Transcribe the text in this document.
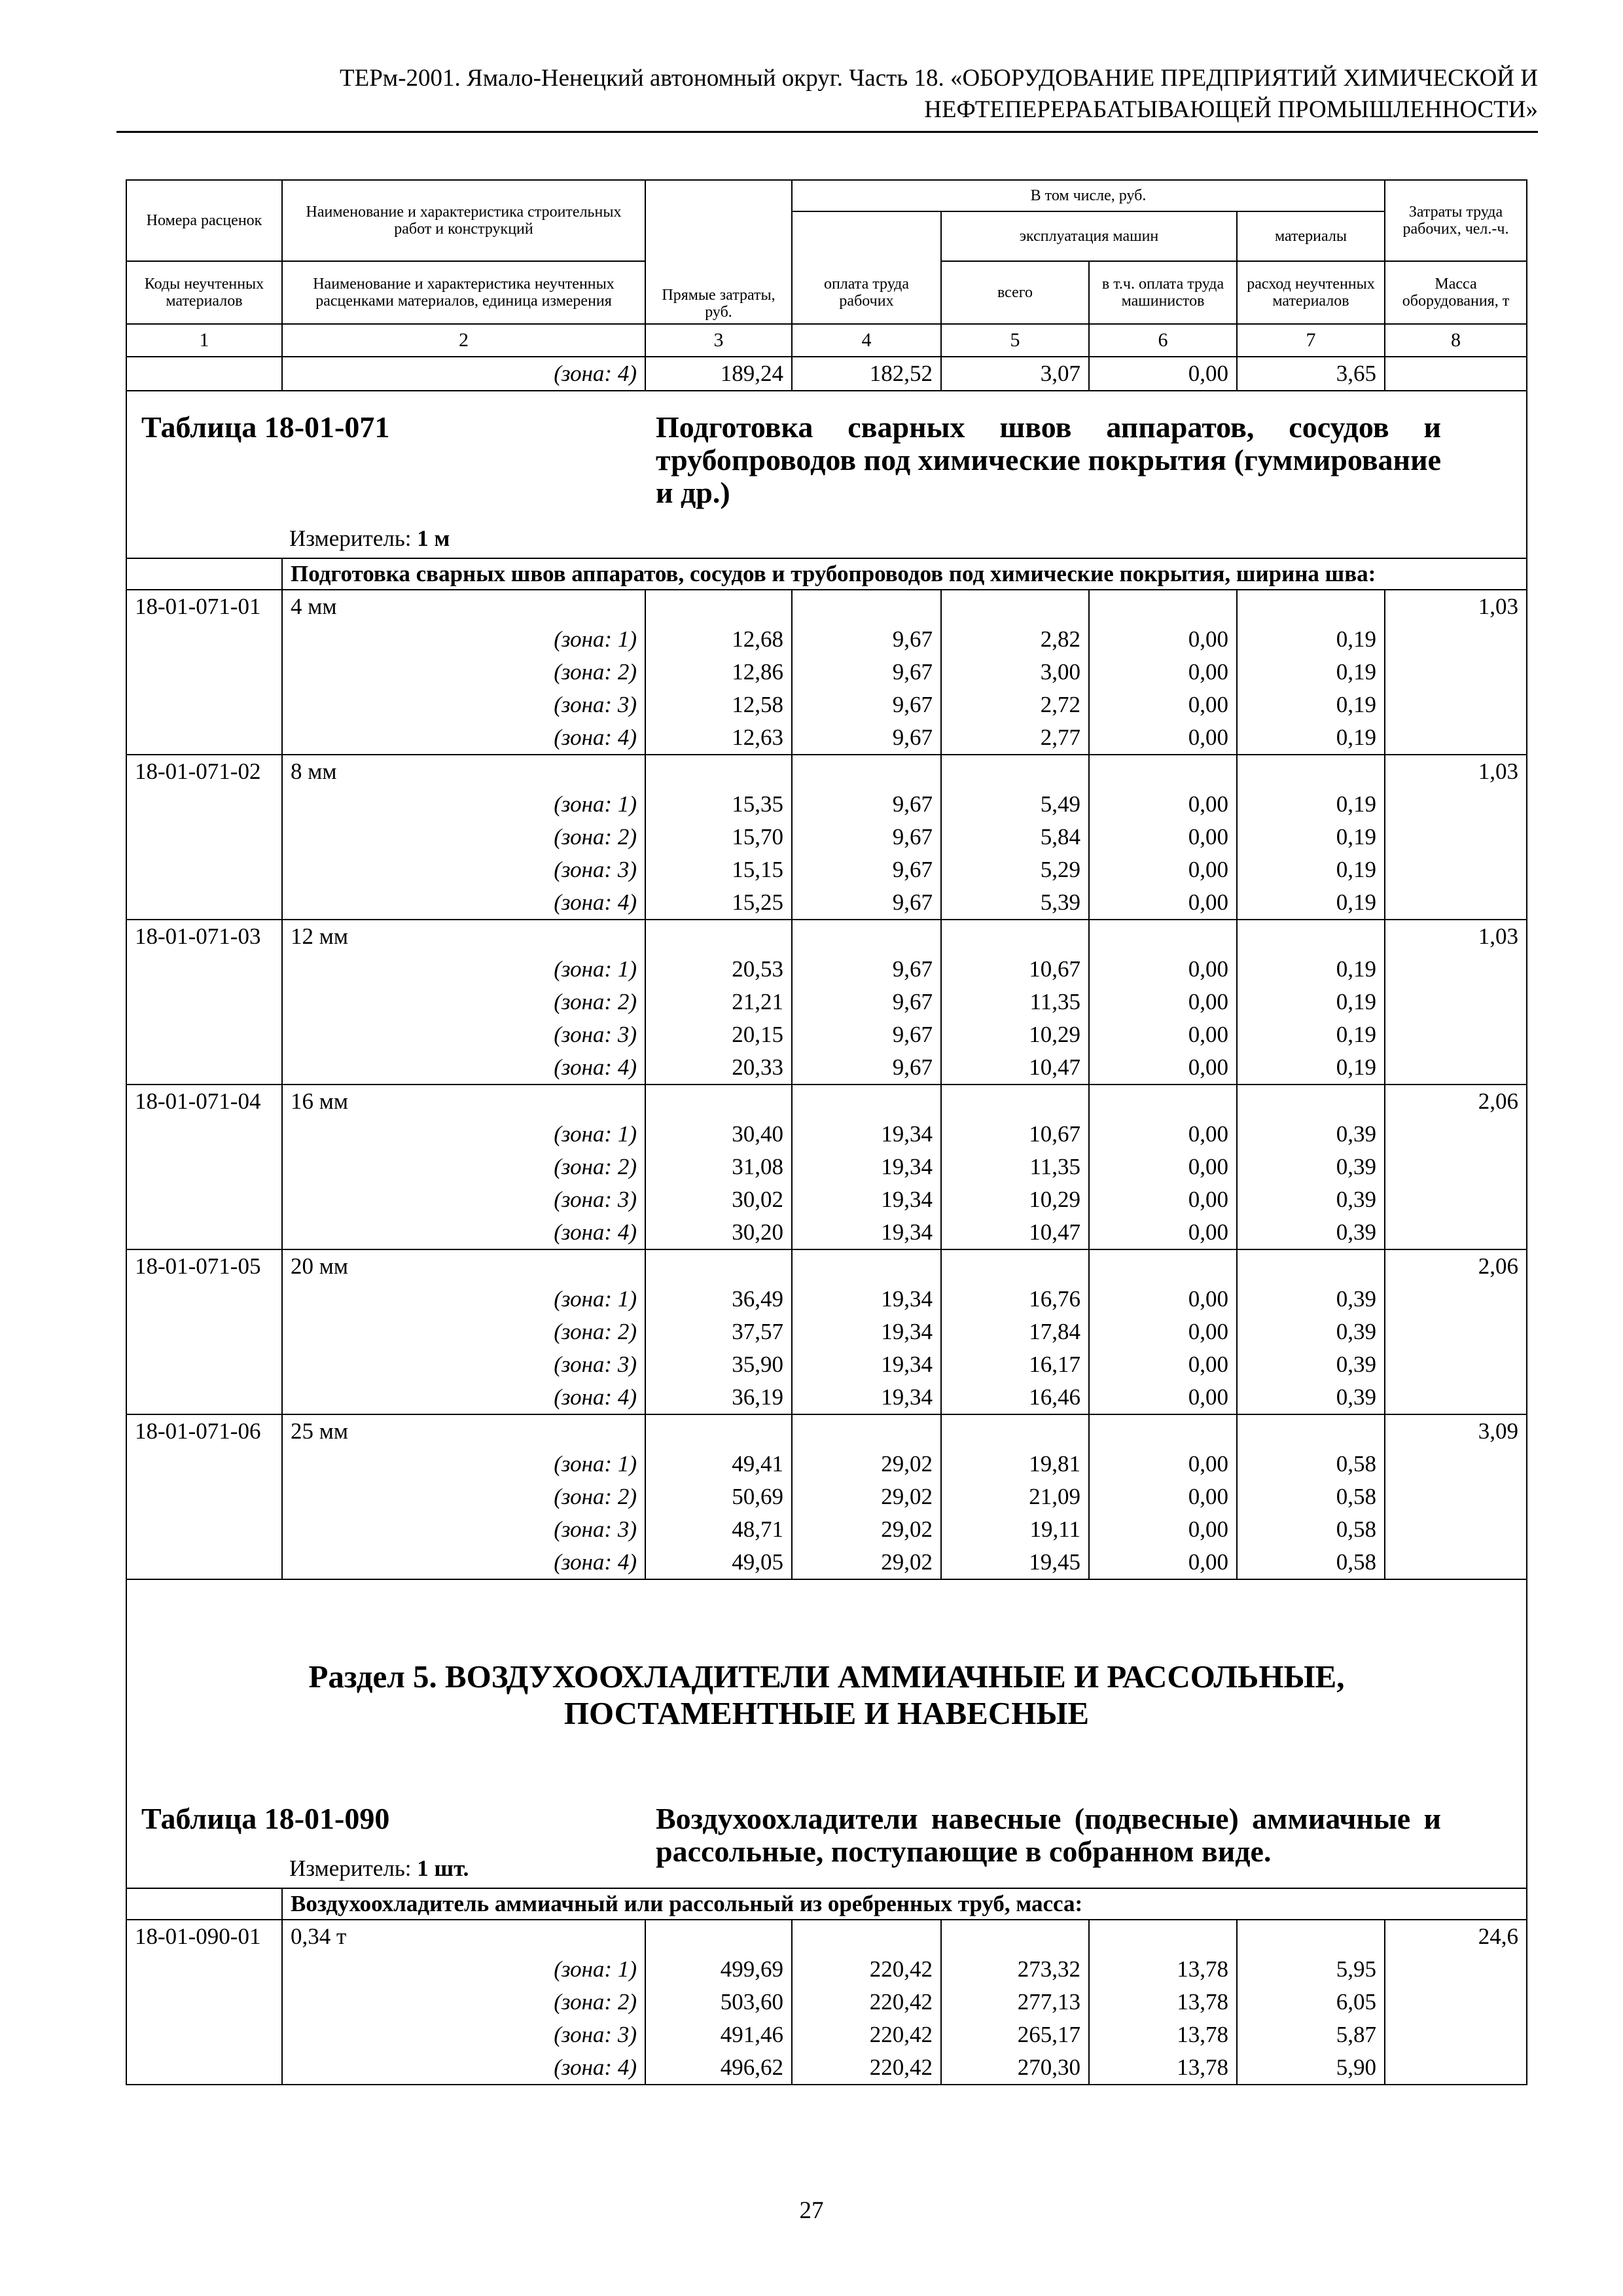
ТЕРм-2001. Ямало-Ненецкий автономный округ. Часть 18. «ОБОРУДОВАНИЕ ПРЕДПРИЯТИЙ ХИМИЧЕСКОЙ И
НЕФТЕПЕРЕРАБАТЫВАЮЩЕЙ ПРОМЫШЛЕННОСТИ»
Номера расценок	Наименование и характеристика строительных работ и конструкций	Прямые затраты, руб.	В том числе, руб.				Затраты труда рабочих, чел.-ч.
				эксплуатация машин		материалы	
Коды неучтенных материалов	Наименование и характеристика неучтенных расценками материалов, единица измерения		оплата труда рабочих	всего	в т.ч. оплата труда машинистов	расход неучтенных материалов	Масса оборудования, т
1	2	3	4	5	6	7	8
	(зона: 4)	189,24	182,52	3,07	0,00	3,65	

Таблица 18-01-071 Подготовка сварных швов аппаратов, сосудов и трубопроводов под химические покрытия (гуммирование и др.)
Измеритель: 1 м							

	Подготовка сварных швов аппаратов, сосудов и трубопроводов под химические покрытия, ширина шва:						
18-01-071-01	4 мм						1,03
	(зона: 1)	12,68	9,67	2,82	0,00	0,19	
	(зона: 2)	12,86	9,67	3,00	0,00	0,19	
	(зона: 3)	12,58	9,67	2,72	0,00	0,19	
	(зона: 4)	12,63	9,67	2,77	0,00	0,19	
18-01-071-02	8 мм						1,03
	(зона: 1)	15,35	9,67	5,49	0,00	0,19	
	(зона: 2)	15,70	9,67	5,84	0,00	0,19	
	(зона: 3)	15,15	9,67	5,29	0,00	0,19	
	(зона: 4)	15,25	9,67	5,39	0,00	0,19	
18-01-071-03	12 мм						1,03
	(зона: 1)	20,53	9,67	10,67	0,00	0,19	
	(зона: 2)	21,21	9,67	11,35	0,00	0,19	
	(зона: 3)	20,15	9,67	10,29	0,00	0,19	
	(зона: 4)	20,33	9,67	10,47	0,00	0,19	
18-01-071-04	16 мм						2,06
	(зона: 1)	30,40	19,34	10,67	0,00	0,39	
	(зона: 2)	31,08	19,34	11,35	0,00	0,39	
	(зона: 3)	30,02	19,34	10,29	0,00	0,39	
	(зона: 4)	30,20	19,34	10,47	0,00	0,39	
18-01-071-05	20 мм						2,06
	(зона: 1)	36,49	19,34	16,76	0,00	0,39	
	(зона: 2)	37,57	19,34	17,84	0,00	0,39	
	(зона: 3)	35,90	19,34	16,17	0,00	0,39	
	(зона: 4)	36,19	19,34	16,46	0,00	0,39	
18-01-071-06	25 мм						3,09
	(зона: 1)	49,41	29,02	19,81	0,00	0,58	
	(зона: 2)	50,69	29,02	21,09	0,00	0,58	
	(зона: 3)	48,71	29,02	19,11	0,00	0,58	
	(зона: 4)	49,05	29,02	19,45	0,00	0,58	

Раздел 5. ВОЗДУХООХЛАДИТЕЛИ АММИАЧНЫЕ И РАССОЛЬНЫЕ,
ПОСТАМЕНТНЫЕ И НАВЕСНЫЕ
Таблица 18-01-090 Воздухоохладители навесные (подвесные) аммиачные и рассольные, поступающие в собранном виде.
Измеритель: 1 шт.							

	Воздухоохладитель аммиачный или рассольный из оребренных труб, масса:						
18-01-090-01	0,34 т						24,6
	(зона: 1)	499,69	220,42	273,32	13,78	5,95	
	(зона: 2)	503,60	220,42	277,13	13,78	6,05	
	(зона: 3)	491,46	220,42	265,17	13,78	5,87	
	(зона: 4)	496,62	220,42	270,30	13,78	5,90	
27
